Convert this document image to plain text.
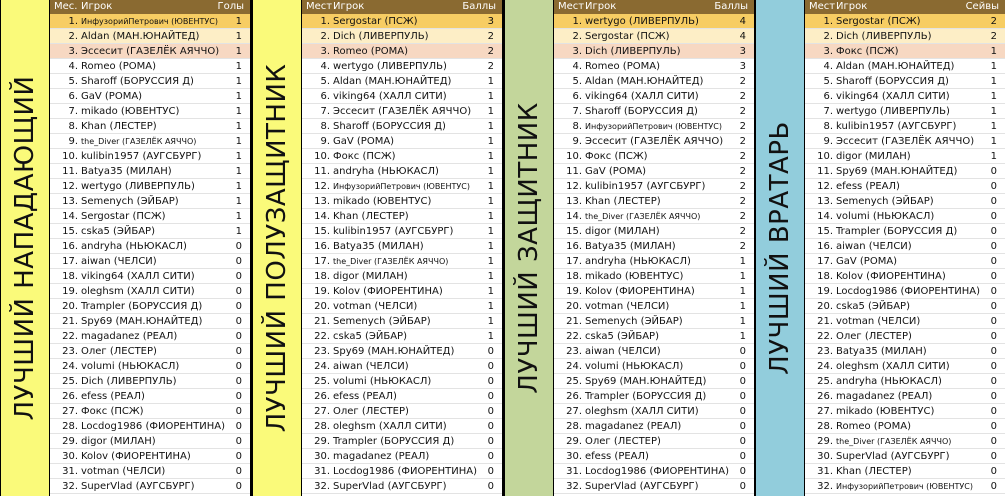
ЛУЧШИЙ НАПАДАЮЩИЙ
Мес. Игрок	Голы
1. ИнфузорийПетрович (ЮВЕНТУС) 1
2. Aldan (МАН.ЮНАЙТЕД)	1
3. Эссесит (ГАЗЕЛЁК АЯЧЧО) 1
4. Romeo (РОМА)	1
5. Sharoff (БОРУССИЯ Д)	1
6. GaV (РОМА)	1
7. mikado (ЮВЕНТУС)	1
8. Khan (ЛЕСТЕР)	1
9. the_Diver (ГАЗЕЛЁК АЯЧЧО)	1
10. kulibin1957 (АУГСБУРГ)	1
11. Batya35 (МИЛАН)	1
12. wertygo (ЛИВЕРПУЛЬ)	1
13. Semenych (ЭЙБАР)	1
14. Sergostar (ПСЖ)	1
15. cska5 (ЭЙБАР)	1
16. andryha (НЬЮКАСЛ)	0
17. aiwan (ЧЕЛСИ)	0
18. viking64 (ХАЛЛ СИТИ)	0
19. oleghsm (ХАЛЛ СИТИ)	0
20. Trampler (БОРУССИЯ Д)	0
21. Spy69 (МАН.ЮНАЙТЕД)	0
22. magadanez (РЕАЛ)	0
23. Олег (ЛЕСТЕР)	0
24. volumi (НЬЮКАСЛ)	0
25. Dich (ЛИВЕРПУЛЬ)	0
26. efess (РЕАЛ)	0
27. Фокс (ПСЖ)	0
28. Locdog1986 (ФИОРЕНТИНА) 0
29. digor (МИЛАН)	0
30. Kolov (ФИОРЕНТИНА)	0
31. votman (ЧЕЛСИ)	0
32. SuperVlad (АУГСБУРГ)	0
ЛУЧШИЙ ПОЛУЗАЩИТНИК
Мест Игрок	Баллы
1. Sergostar (ПСЖ)	3
2. Dich (ЛИВЕРПУЛЬ)	2
3. Romeo (РОМА)	2
4. wertygo (ЛИВЕРПУЛЬ)	2
5. Aldan (МАН.ЮНАЙТЕД)	1
6. viking64 (ХАЛЛ СИТИ)	1
7. Эссесит (ГАЗЕЛЁК АЯЧЧО) 1
8. Sharoff (БОРУССИЯ Д)	1
9. GaV (РОМА)	1
10. Фокс (ПСЖ)	1
11. andryha (НЬЮКАСЛ)	1
12. ИнфузорийПетрович (ЮВЕНТУС) 1
13. mikado (ЮВЕНТУС)	1
14. Khan (ЛЕСТЕР)	1
15. kulibin1957 (АУГСБУРГ)	1
16. Batya35 (МИЛАН)	1
17. the_Diver (ГАЗЕЛЁК АЯЧЧО)	1
18. digor (МИЛАН)	1
19. Kolov (ФИОРЕНТИНА)	1
20. votman (ЧЕЛСИ)	1
21. Semenych (ЭЙБАР)	1
22. cska5 (ЭЙБАР)	1
23. Spy69 (МАН.ЮНАЙТЕД)	0
24. aiwan (ЧЕЛСИ)	0
25. volumi (НЬЮКАСЛ)	0
26. efess (РЕАЛ)	0
27. Олег (ЛЕСТЕР)	0
28. oleghsm (ХАЛЛ СИТИ)	0
29. Trampler (БОРУССИЯ Д)	0
30. magadanez (РЕАЛ)	0
31. Locdog1986 (ФИОРЕНТИНА) 0
32. SuperVlad (АУГСБУРГ)	0
ЛУЧШИЙ ЗАЩИТНИК
Мест Игрок	Баллы
1. wertygo (ЛИВЕРПУЛЬ)	4
2. Sergostar (ПСЖ)	4
3. Dich (ЛИВЕРПУЛЬ)	3
4. Romeo (РОМА)	3
5. Aldan (МАН.ЮНАЙТЕД)	2
6. viking64 (ХАЛЛ СИТИ)	2
7. Sharoff (БОРУССИЯ Д)	2
8. ИнфузорийПетрович (ЮВЕНТУС) 2
9. Эссесит (ГАЗЕЛЁК АЯЧЧО) 2
10. Фокс (ПСЖ)	2
11. GaV (РОМА)	2
12. kulibin1957 (АУГСБУРГ)	2
13. Khan (ЛЕСТЕР)	2
14. the_Diver (ГАЗЕЛЁК АЯЧЧО)	2
15. digor (МИЛАН)	2
16. Batya35 (МИЛАН)	2
17. andryha (НЬЮКАСЛ)	1
18. mikado (ЮВЕНТУС)	1
19. Kolov (ФИОРЕНТИНА)	1
20. votman (ЧЕЛСИ)	1
21. Semenych (ЭЙБАР)	1
22. cska5 (ЭЙБАР)	1
23. aiwan (ЧЕЛСИ)	0
24. volumi (НЬЮКАСЛ)	0
25. Spy69 (МАН.ЮНАЙТЕД)	0
26. Trampler (БОРУССИЯ Д)	0
27. oleghsm (ХАЛЛ СИТИ)	0
28. magadanez (РЕАЛ)	0
29. Олег (ЛЕСТЕР)	0
30. efess (РЕАЛ)	0
31. Locdog1986 (ФИОРЕНТИНА) 0
32. SuperVlad (АУГСБУРГ)	0
ЛУЧШИЙ ВРАТАРЬ
Мест Игрок	Сейвы
1. Sergostar (ПСЖ)	2
2. Dich (ЛИВЕРПУЛЬ)	2
3. Фокс (ПСЖ)	1
4. Aldan (МАН.ЮНАЙТЕД)	1
5. Sharoff (БОРУССИЯ Д)	1
6. viking64 (ХАЛЛ СИТИ)	1
7. wertygo (ЛИВЕРПУЛЬ)	1
8. kulibin1957 (АУГСБУРГ)	1
9. Эссесит (ГАЗЕЛЁК АЯЧЧО) 1
10. digor (МИЛАН)	1
11. Spy69 (МАН.ЮНАЙТЕД)	0
12. efess (РЕАЛ)	0
13. Semenych (ЭЙБАР)	0
14. volumi (НЬЮКАСЛ)	0
15. Trampler (БОРУССИЯ Д)	0
16. aiwan (ЧЕЛСИ)	0
17. GaV (РОМА)	0
18. Kolov (ФИОРЕНТИНА)	0
19. Locdog1986 (ФИОРЕНТИНА) 0
20. cska5 (ЭЙБАР)	0
21. votman (ЧЕЛСИ)	0
22. Олег (ЛЕСТЕР)	0
23. Batya35 (МИЛАН)	0
24. oleghsm (ХАЛЛ СИТИ)	0
25. andryha (НЬЮКАСЛ)	0
26. magadanez (РЕАЛ)	0
27. mikado (ЮВЕНТУС)	0
28. Romeo (РОМА)	0
29. the_Diver (ГАЗЕЛЁК АЯЧЧО)	0
30. SuperVlad (АУГСБУРГ)	0
31. Khan (ЛЕСТЕР)	0
32. ИнфузорийПетрович (ЮВЕНТУС) 0
